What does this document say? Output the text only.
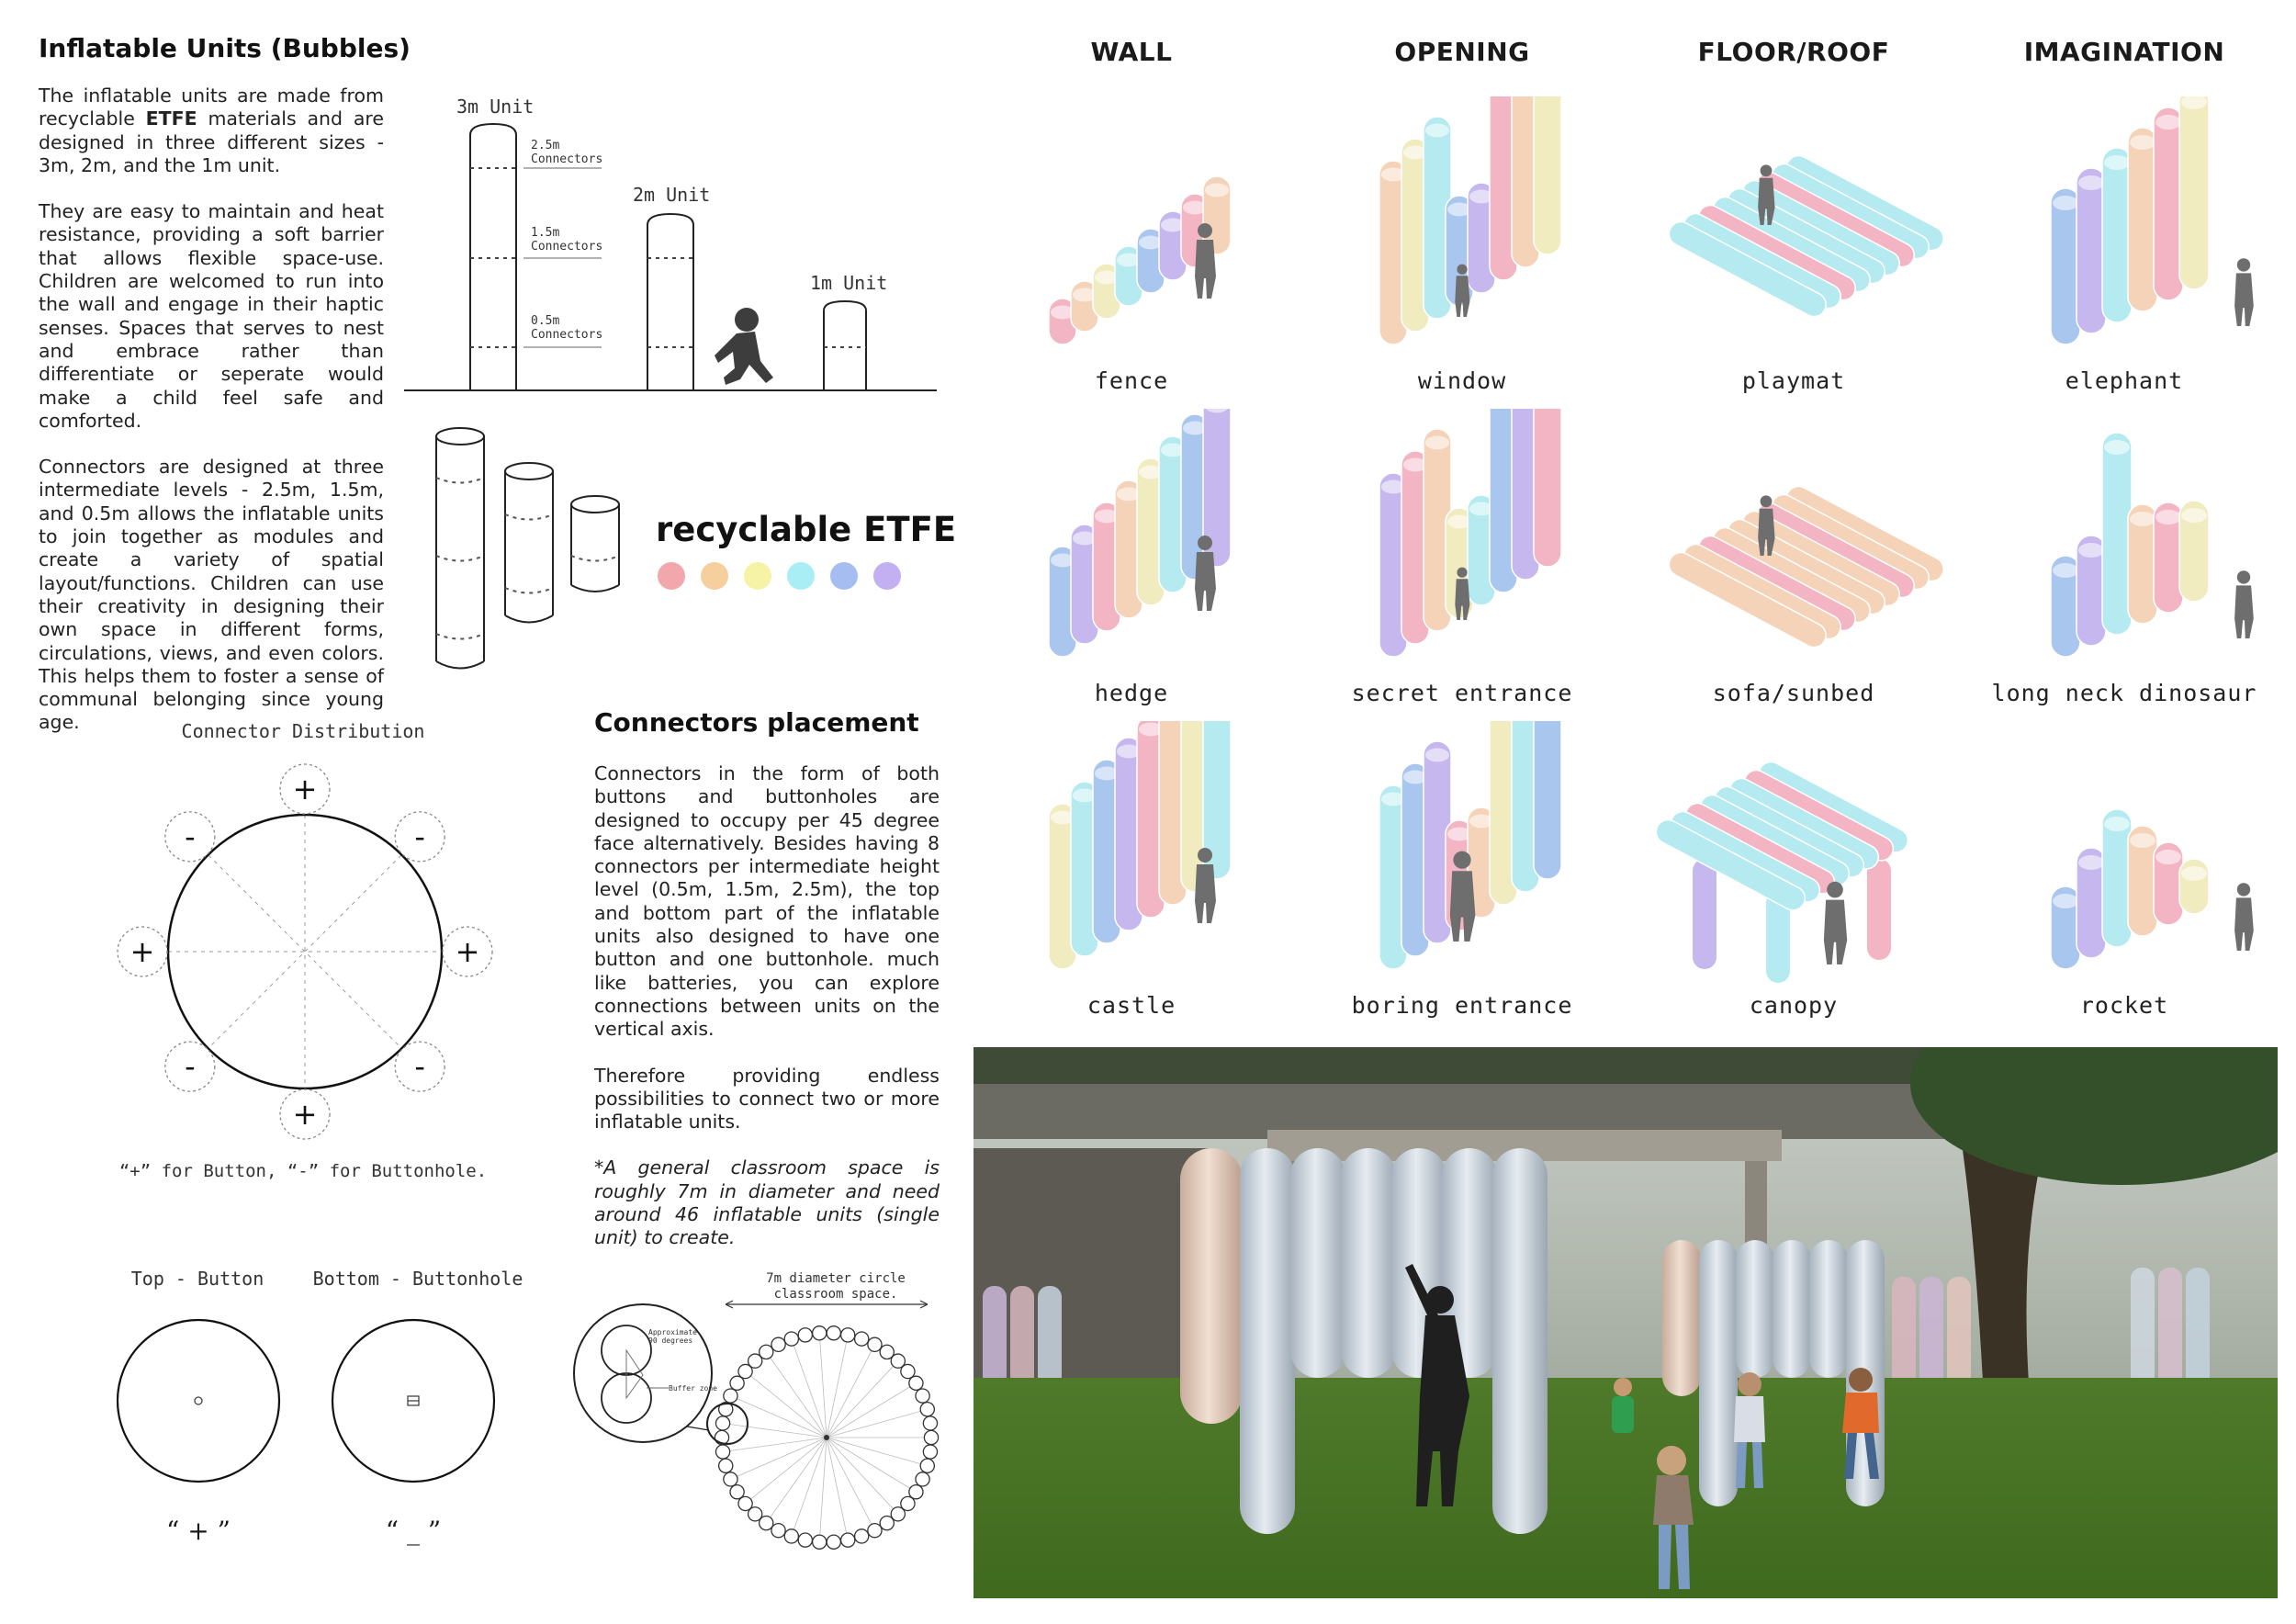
Inflatable Units (Bubbles)

The inflatable units are made from recyclable ETFE materials and are designed in three different sizes - 3m, 2m, and the 1m unit.

They are easy to maintain and heat resistance, providing a soft barrier that allows flexible space-use. Children are welcomed to run into the wall and engage in their haptic senses. Spaces that serves to nest and embrace rather than differentiate or seperate would make a child feel safe and comforted.

Connectors are designed at three intermediate levels - 2.5m, 1.5m, and 0.5m allows the inflatable units to join together as modules and create a variety of spatial layout/functions. Children can use their creativity in designing their own space in different forms, circulations, views, and even colors. This helps them to foster a sense of communal belonging since young age.

3m Unit
2m Unit
1m Unit
2.5m
Connectors
1.5m
Connectors
0.5m
Connectors
recyclable ETFE
Connector Distribution
+
-
+
-
+
-
+
-
“+” for Button, “-” for Buttonhole.
Top - Button	Bottom - Buttonhole
“ + ”	“ _ ”
Connectors placement

Connectors in the form of both buttons and buttonholes are designed to occupy per 45 degree face alternatively. Besides having 8 connectors per intermediate height level (0.5m, 1.5m, 2.5m), the top and bottom part of the inflatable units also designed to have one button and one buttonhole. much like batteries, you can explore connections between units on the vertical axis.

Therefore providing endless possibilities to connect two or more inflatable units.

*A general classroom space is roughly 7m in diameter and need around 46 inflatable units (single unit) to create.

7m diameter circle
classroom space.
Approximate
90 degrees
Buffer zone
WALL	OPENING	FLOOR/ROOF	IMAGINATION
fence	window	playmat	elephant
hedge	secret entrance	sofa/sunbed	long neck dinosaur
castle	boring entrance	canopy	rocket
